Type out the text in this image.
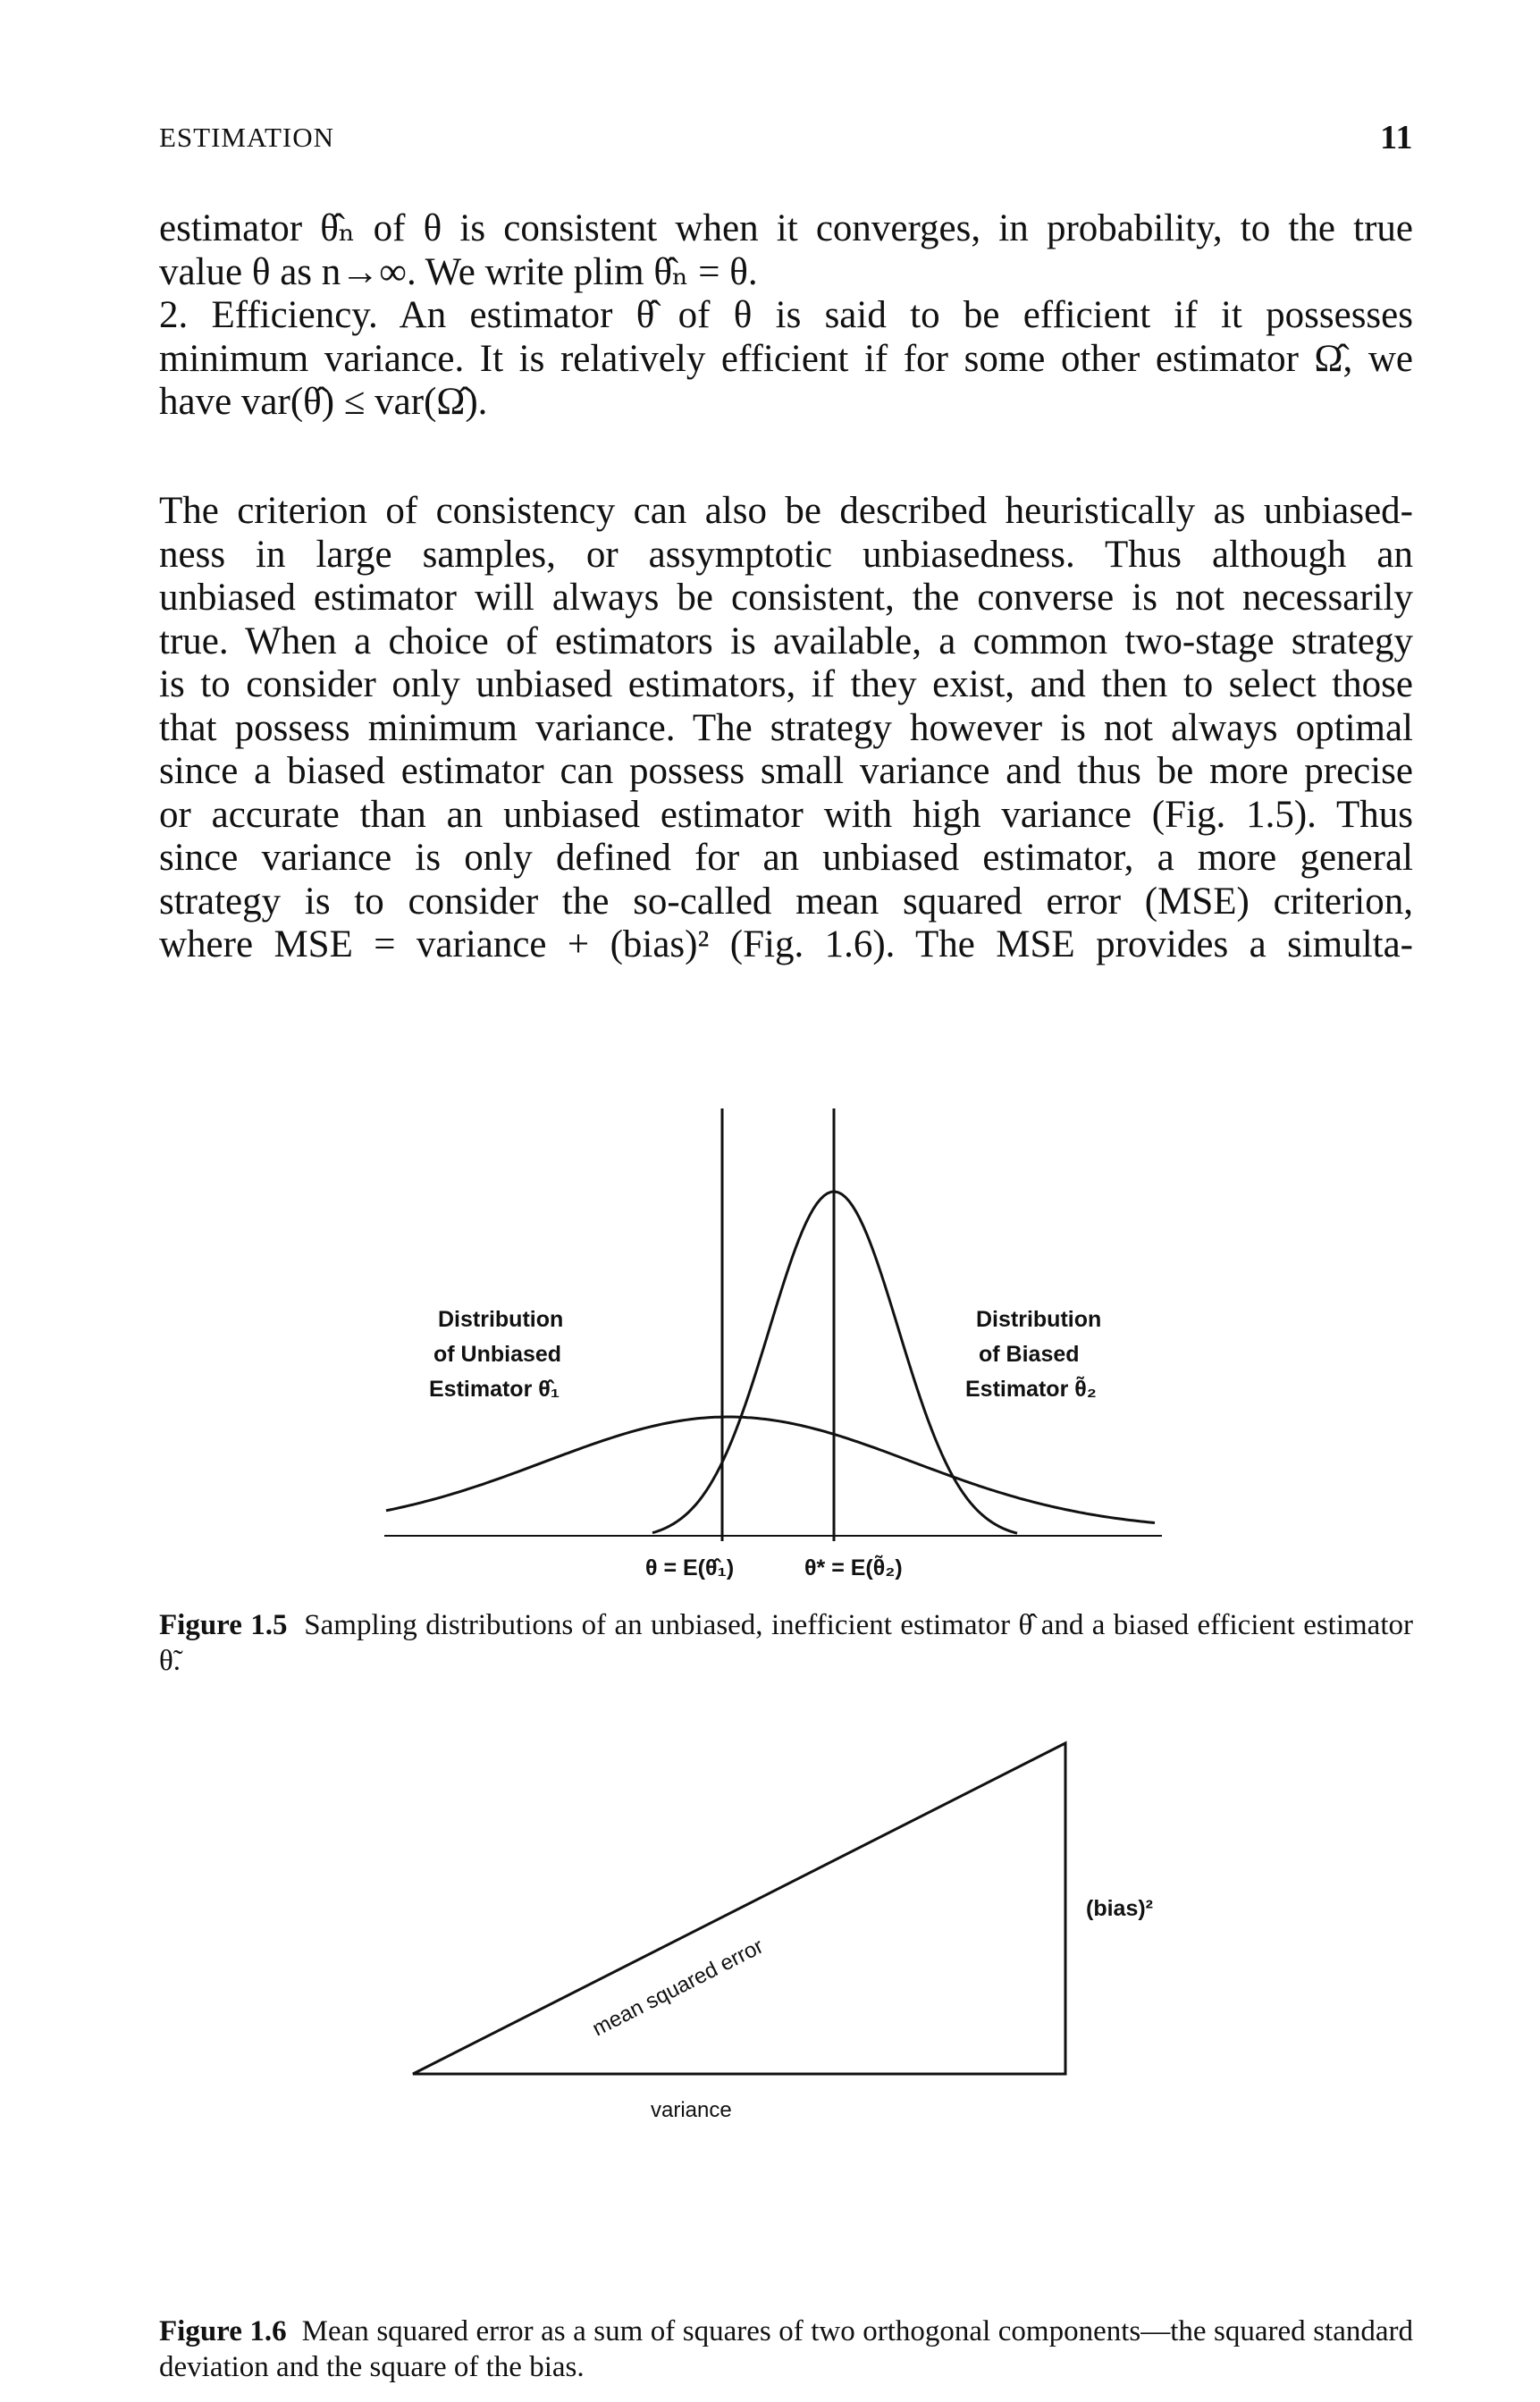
ESTIMATION	11
estimator θ̂ₙ of θ is consistent when it converges, in probability, to the true
value θ as n→∞. We write plim θ̂ₙ = θ.
2. Efficiency. An estimator θ̂ of θ is said to be efficient if it possesses
minimum variance. It is relatively efficient if for some other estimator Ω̂, we
have var(θ̂) ≤ var(Ω̂).
The criterion of consistency can also be described heuristically as unbiased-
ness in large samples, or assymptotic unbiasedness. Thus although an
unbiased estimator will always be consistent, the converse is not necessarily
true. When a choice of estimators is available, a common two-stage strategy
is to consider only unbiased estimators, if they exist, and then to select those
that possess minimum variance. The strategy however is not always optimal
since a biased estimator can possess small variance and thus be more precise
or accurate than an unbiased estimator with high variance (Fig. 1.5). Thus
since variance is only defined for an unbiased estimator, a more general
strategy is to consider the so-called mean squared error (MSE) criterion,
where MSE = variance + (bias)² (Fig. 1.6). The MSE provides a simulta-
Distribution
of Unbiased
Estimator θ̂₁
Distribution
of Biased
Estimator θ̃₂
θ = E(θ̂₁)	θ* = E(θ̃₂)
mean squared error
(bias)²
variance
Figure 1.5 Sampling distributions of an unbiased, inefficient estimator θ̂ and a biased efficient estimator θ̃.
Figure 1.6 Mean squared error as a sum of squares of two orthogonal components—the squared standard deviation and the square of the bias.
